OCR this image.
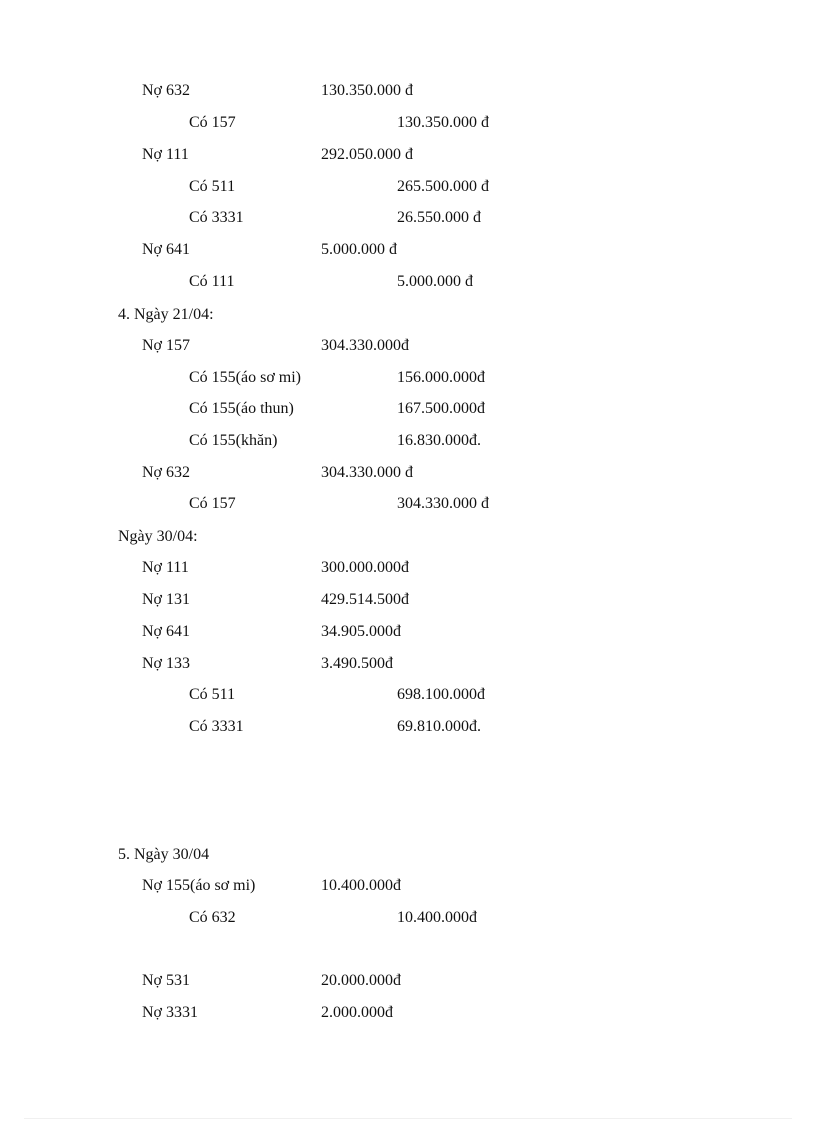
Nợ 632	130.350.000 đ
Có 157	130.350.000 đ
Nợ 111	292.050.000 đ
Có 511	265.500.000 đ
Có 3331	26.550.000 đ
Nợ 641	5.000.000 đ
Có 111	5.000.000 đ
4. Ngày 21/04:
Nợ 157	304.330.000đ
Có 155(áo sơ mi)	156.000.000đ
Có 155(áo thun)	167.500.000đ
Có 155(khăn)	16.830.000đ.
Nợ 632	304.330.000 đ
Có 157	304.330.000 đ
Ngày 30/04:
Nợ 111	300.000.000đ
Nợ 131	429.514.500đ
Nợ 641	34.905.000đ
Nợ 133	3.490.500đ
Có 511	698.100.000đ
Có 3331	69.810.000đ.
5. Ngày 30/04
Nợ 155(áo sơ mi)	10.400.000đ
Có 632	10.400.000đ
Nợ 531	20.000.000đ
Nợ 3331	2.000.000đ
